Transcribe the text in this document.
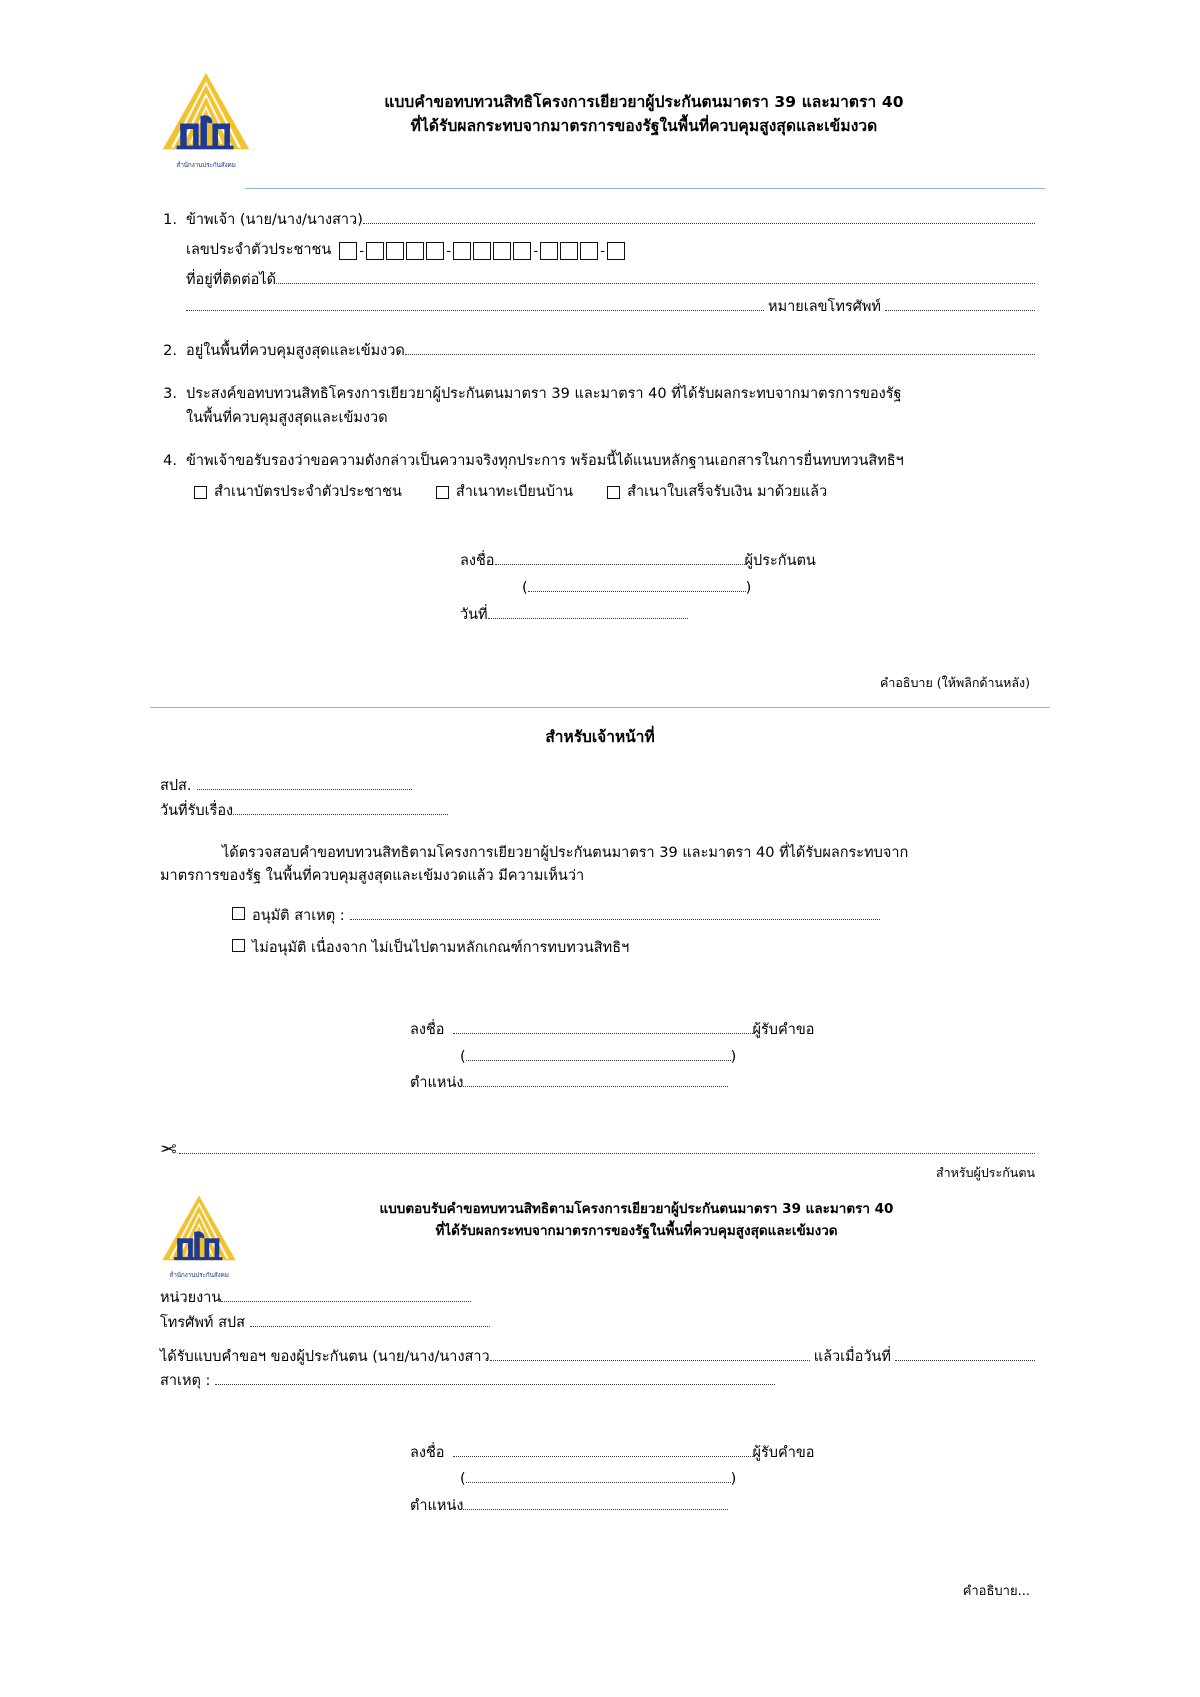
สำนักงานประกันสังคม
แบบคำขอทบทวนสิทธิโครงการเยียวยาผู้ประกันตนมาตรา 39 และมาตรา 40
ที่ได้รับผลกระทบจากมาตรการของรัฐในพื้นที่ควบคุมสูงสุดและเข้มงวด
1. ข้าพเจ้า (นาย/นาง/นางสาว)
เลขประจำตัวประชาชน -	-	-	-
ที่อยู่ที่ติดต่อได้
หมายเลขโทรศัพท์
2. อยู่ในพื้นที่ควบคุมสูงสุดและเข้มงวด
3. ประสงค์ขอทบทวนสิทธิโครงการเยียวยาผู้ประกันตนมาตรา 39 และมาตรา 40 ที่ได้รับผลกระทบจากมาตรการของรัฐ
ในพื้นที่ควบคุมสูงสุดและเข้มงวด
4. ข้าพเจ้าขอรับรองว่าขอความดังกล่าวเป็นความจริงทุกประการ พร้อมนี้ได้แนบหลักฐานเอกสารในการยื่นทบทวนสิทธิฯ
สำเนาบัตรประจำตัวประชาชน	สำเนาทะเบียนบ้าน	สำเนาใบเสร็จรับเงิน มาด้วยแล้ว
ลงชื่อ	ผู้ประกันตน
(	)
วันที่
คำอธิบาย (ให้พลิกด้านหลัง)
สำหรับเจ้าหน้าที่
สปส.
วันที่รับเรื่อง
ได้ตรวจสอบคำขอทบทวนสิทธิตามโครงการเยียวยาผู้ประกันตนมาตรา 39 และมาตรา 40 ที่ได้รับผลกระทบจาก
มาตรการของรัฐ ในพื้นที่ควบคุมสูงสุดและเข้มงวดแล้ว มีความเห็นว่า
อนุมัติ สาเหตุ :
ไม่อนุมัติ เนื่องจาก ไม่เป็นไปตามหลักเกณฑ์การทบทวนสิทธิฯ
ลงชื่อ	ผู้รับคำขอ
(	)
ตำแหน่ง
✂
สำหรับผู้ประกันตน
สำนักงานประกันสังคม
แบบตอบรับคำขอทบทวนสิทธิตามโครงการเยียวยาผู้ประกันตนมาตรา 39 และมาตรา 40
ที่ได้รับผลกระทบจากมาตรการของรัฐในพื้นที่ควบคุมสูงสุดและเข้มงวด
หน่วยงาน
โทรศัพท์ สปส
ได้รับแบบคำขอฯ ของผู้ประกันตน (นาย/นาง/นางสาว	แล้วเมื่อวันที่
สาเหตุ :
ลงชื่อ	ผู้รับคำขอ
(	)
ตำแหน่ง
คำอธิบาย...
